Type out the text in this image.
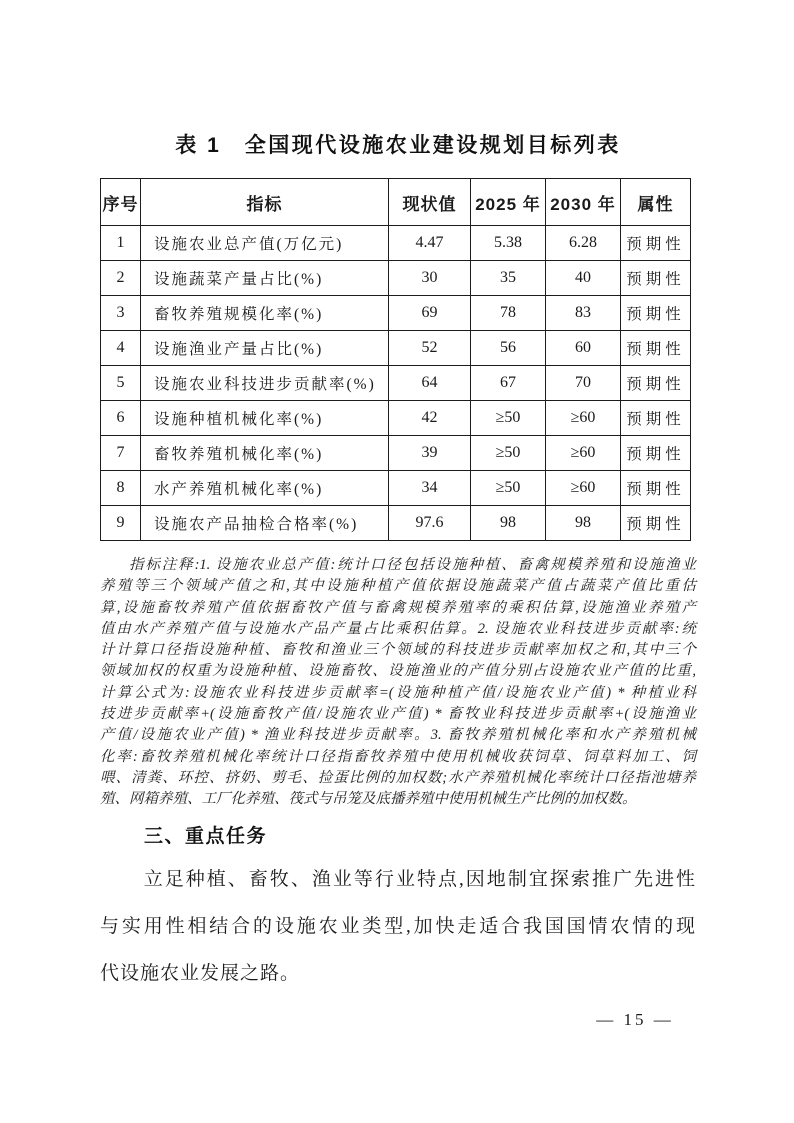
表 1　全国现代设施农业建设规划目标列表
序号	指标	现状值	2025 年	2030 年	属性
1	设施农业总产值(万亿元)	4.47	5.38	6.28	预期性
2	设施蔬菜产量占比(%)	30	35	40	预期性
3	畜牧养殖规模化率(%)	69	78	83	预期性
4	设施渔业产量占比(%)	52	56	60	预期性
5	设施农业科技进步贡献率(%)	64	67	70	预期性
6	设施种植机械化率(%)	42	≥50	≥60	预期性
7	畜牧养殖机械化率(%)	39	≥50	≥60	预期性
8	水产养殖机械化率(%)	34	≥50	≥60	预期性
9	设施农产品抽检合格率(%)	97.6	98	98	预期性
指标注释:1. 设施农业总产值:统计口径包括设施种植、畜禽规模养殖和设施渔业
养殖等三个领域产值之和,其中设施种植产值依据设施蔬菜产值占蔬菜产值比重估
算,设施畜牧养殖产值依据畜牧产值与畜禽规模养殖率的乘积估算,设施渔业养殖产
值由水产养殖产值与设施水产品产量占比乘积估算。2. 设施农业科技进步贡献率:统
计计算口径指设施种植、畜牧和渔业三个领域的科技进步贡献率加权之和,其中三个
领域加权的权重为设施种植、设施畜牧、设施渔业的产值分别占设施农业产值的比重,
计算公式为:设施农业科技进步贡献率=(设施种植产值/设施农业产值) * 种植业科
技进步贡献率+(设施畜牧产值/设施农业产值) * 畜牧业科技进步贡献率+(设施渔业
产值/设施农业产值) * 渔业科技进步贡献率。3. 畜牧养殖机械化率和水产养殖机械
化率:畜牧养殖机械化率统计口径指畜牧养殖中使用机械收获饲草、饲草料加工、饲
喂、清粪、环控、挤奶、剪毛、捡蛋比例的加权数;水产养殖机械化率统计口径指池塘养
殖、网箱养殖、工厂化养殖、筏式与吊笼及底播养殖中使用机械生产比例的加权数。
三、重点任务
立足种植、畜牧、渔业等行业特点,因地制宜探索推广先进性
与实用性相结合的设施农业类型,加快走适合我国国情农情的现
代设施农业发展之路。
— 15 —
